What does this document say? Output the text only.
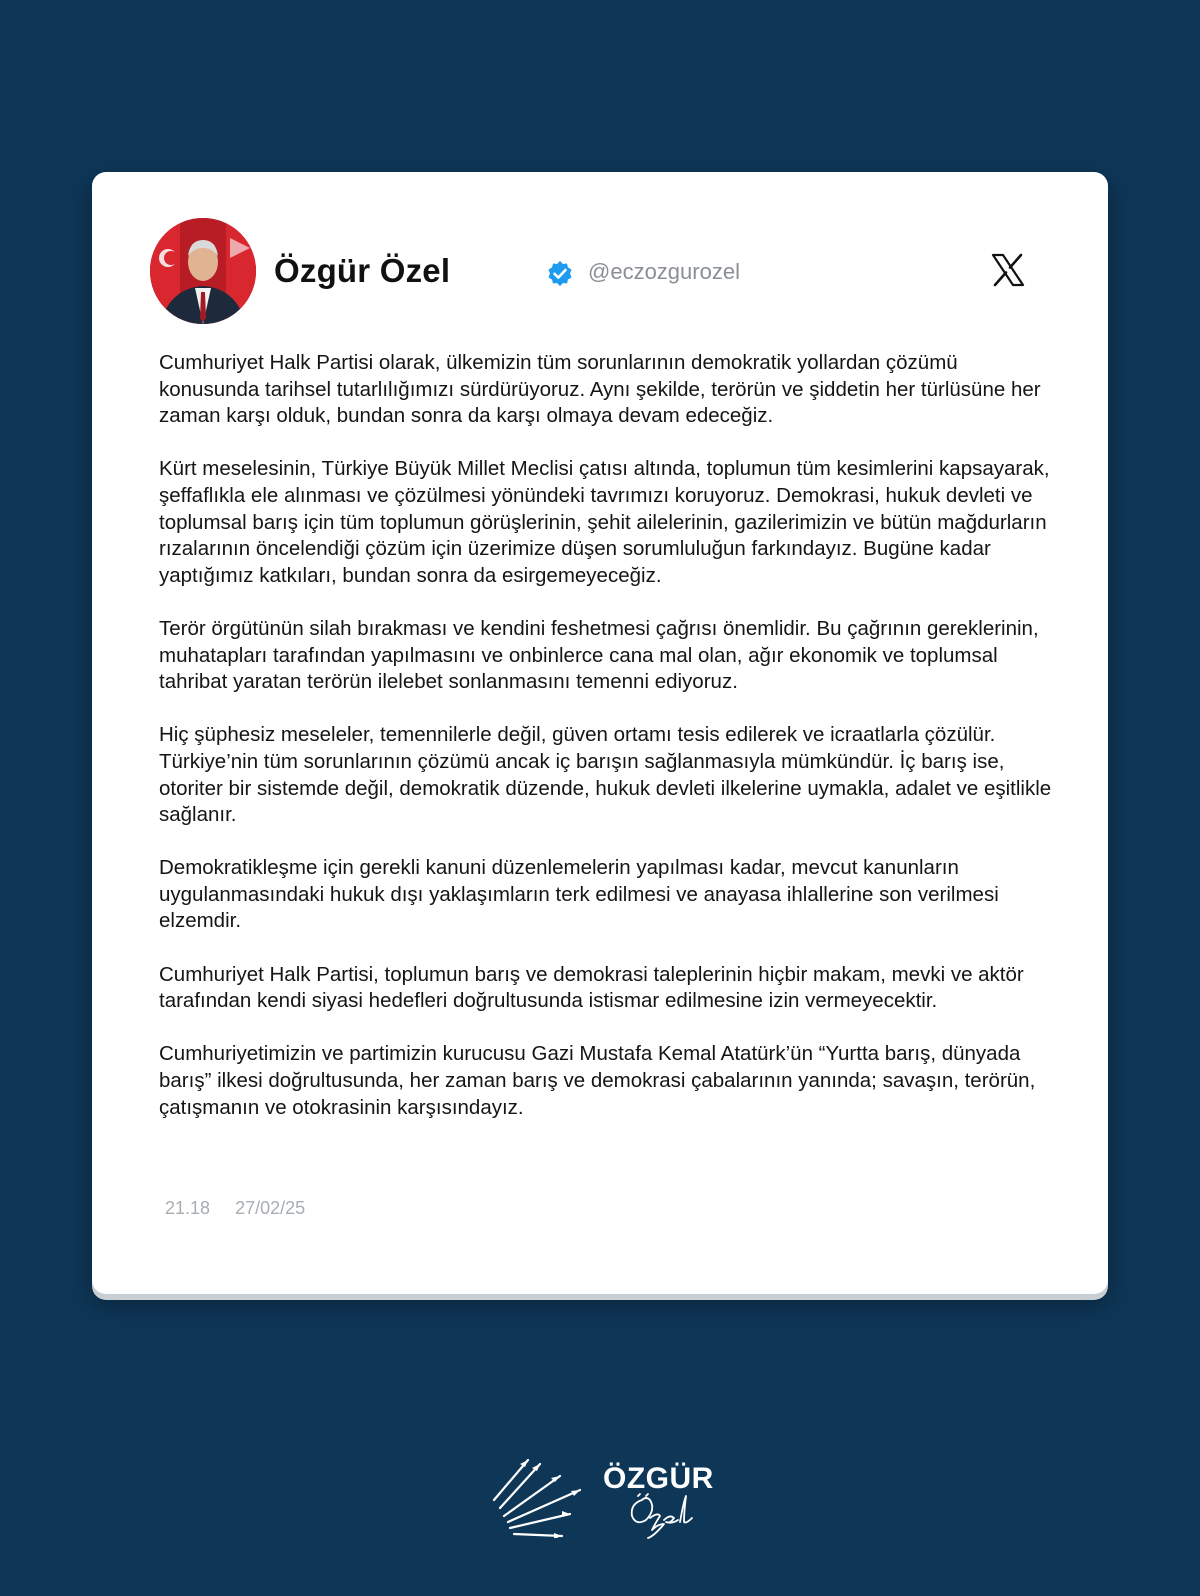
Özgür Özel	@eczozgurozel

Cumhuriyet Halk Partisi olarak, ülkemizin tüm sorunlarının demokratik yollardan çözümü konusunda tarihsel tutarlılığımızı sürdürüyoruz. Aynı şekilde, terörün ve şiddetin her türlüsüne her zaman karşı olduk, bundan sonra da karşı olmaya devam edeceğiz.

Kürt meselesinin, Türkiye Büyük Millet Meclisi çatısı altında, toplumun tüm kesimlerini kapsayarak, şeffaflıkla ele alınması ve çözülmesi yönündeki tavrımızı koruyoruz. Demokrasi, hukuk devleti ve toplumsal barış için tüm toplumun görüşlerinin, şehit ailelerinin, gazilerimizin ve bütün mağdurların rızalarının öncelendiği çözüm için üzerimize düşen sorumluluğun farkındayız. Bugüne kadar yaptığımız katkıları, bundan sonra da esirgemeyeceğiz.

Terör örgütünün silah bırakması ve kendini feshetmesi çağrısı önemlidir. Bu çağrının gereklerinin, muhatapları tarafından yapılmasını ve onbinlerce cana mal olan, ağır ekonomik ve toplumsal tahribat yaratan terörün ilelebet sonlanmasını temenni ediyoruz.

Hiç şüphesiz meseleler, temennilerle değil, güven ortamı tesis edilerek ve icraatlarla çözülür. Türkiye’nin tüm sorunlarının çözümü ancak iç barışın sağlanmasıyla mümkündür. İç barış ise, otoriter bir sistemde değil, demokratik düzende, hukuk devleti ilkelerine uymakla, adalet ve eşitlikle sağlanır.

Demokratikleşme için gerekli kanuni düzenlemelerin yapılması kadar, mevcut kanunların uygulanmasındaki hukuk dışı yaklaşımların terk edilmesi ve anayasa ihlallerine son verilmesi elzemdir.

Cumhuriyet Halk Partisi, toplumun barış ve demokrasi taleplerinin hiçbir makam, mevki ve aktör tarafından kendi siyasi hedefleri doğrultusunda istismar edilmesine izin vermeyecektir.

Cumhuriyetimizin ve partimizin kurucusu Gazi Mustafa Kemal Atatürk’ün “Yurtta barış, dünyada barış” ilkesi doğrultusunda, her zaman barış ve demokrasi çabalarının yanında; savaşın, terörün, çatışmanın ve otokrasinin karşısındayız.

21.18 27/02/25
ÖZGÜR
